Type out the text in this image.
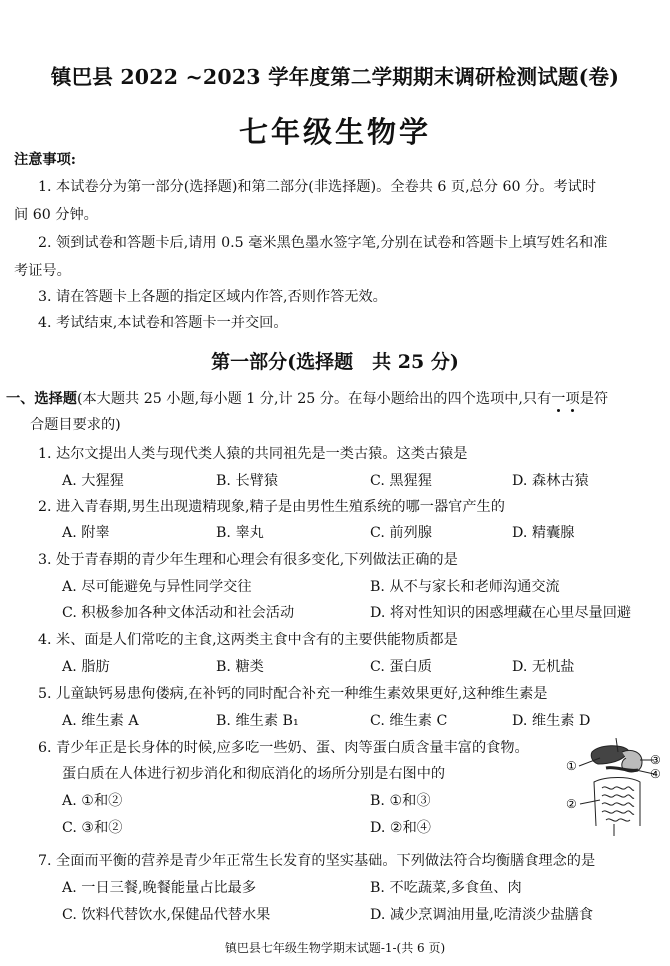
镇巴县 2022 ~2023 学年度第二学期期末调研检测试题(卷)
七年级生物学
注意事项:
1. 本试卷分为第一部分(选择题)和第二部分(非选择题)。全卷共 6 页,总分 60 分。考试时
间 60 分钟。
2. 领到试卷和答题卡后,请用 0.5 毫米黑色墨水签字笔,分别在试卷和答题卡上填写姓名和准
考证号。
3. 请在答题卡上各题的指定区域内作答,否则作答无效。
4. 考试结束,本试卷和答题卡一并交回。
第一部分(选择题　共 25 分)
一、选择题(本大题共 25 小题,每小题 1 分,计 25 分。在每小题给出的四个选项中,只有一
项
是符
合题目要求的)
1. 达尔文提出人类与现代类人猿的共同祖先是一类古猿。这类古猿是
A. 大猩猩	B. 长臂猿	C. 黑猩猩	D. 森林古猿
2. 进入青春期,男生出现遗精现象,精子是由男性生殖系统的哪一器官产生的
A. 附睾	B. 睾丸	C. 前列腺	D. 精囊腺
3. 处于青春期的青少年生理和心理会有很多变化,下列做法正确的是
A. 尽可能避免与异性同学交往	B. 从不与家长和老师沟通交流
C. 积极参加各种文体活动和社会活动	D. 将对性知识的困惑埋藏在心里尽量回避
4. 米、面是人们常吃的主食,这两类主食中含有的主要供能物质都是
A. 脂肪	B. 糖类	C. 蛋白质	D. 无机盐
5. 儿童缺钙易患佝偻病,在补钙的同时配合补充一种维生素效果更好,这种维生素是
A. 维生素 A	B. 维生素 B₁	C. 维生素 C	D. 维生素 D
6. 青少年正是长身体的时候,应多吃一些奶、蛋、肉等蛋白质含量丰富的食物。
蛋白质在人体进行初步消化和彻底消化的场所分别是右图中的
A. ①和②	B. ①和③
C. ③和②	D. ②和④
①
②
③
④
7. 全面而平衡的营养是青少年正常生长发育的坚实基础。下列做法符合均衡膳食理念的是
A. 一日三餐,晚餐能量占比最多	B. 不吃蔬菜,多食鱼、肉
C. 饮料代替饮水,保健品代替水果	D. 减少烹调油用量,吃清淡少盐膳食
镇巴县七年级生物学期末试题-1-(共 6 页)
